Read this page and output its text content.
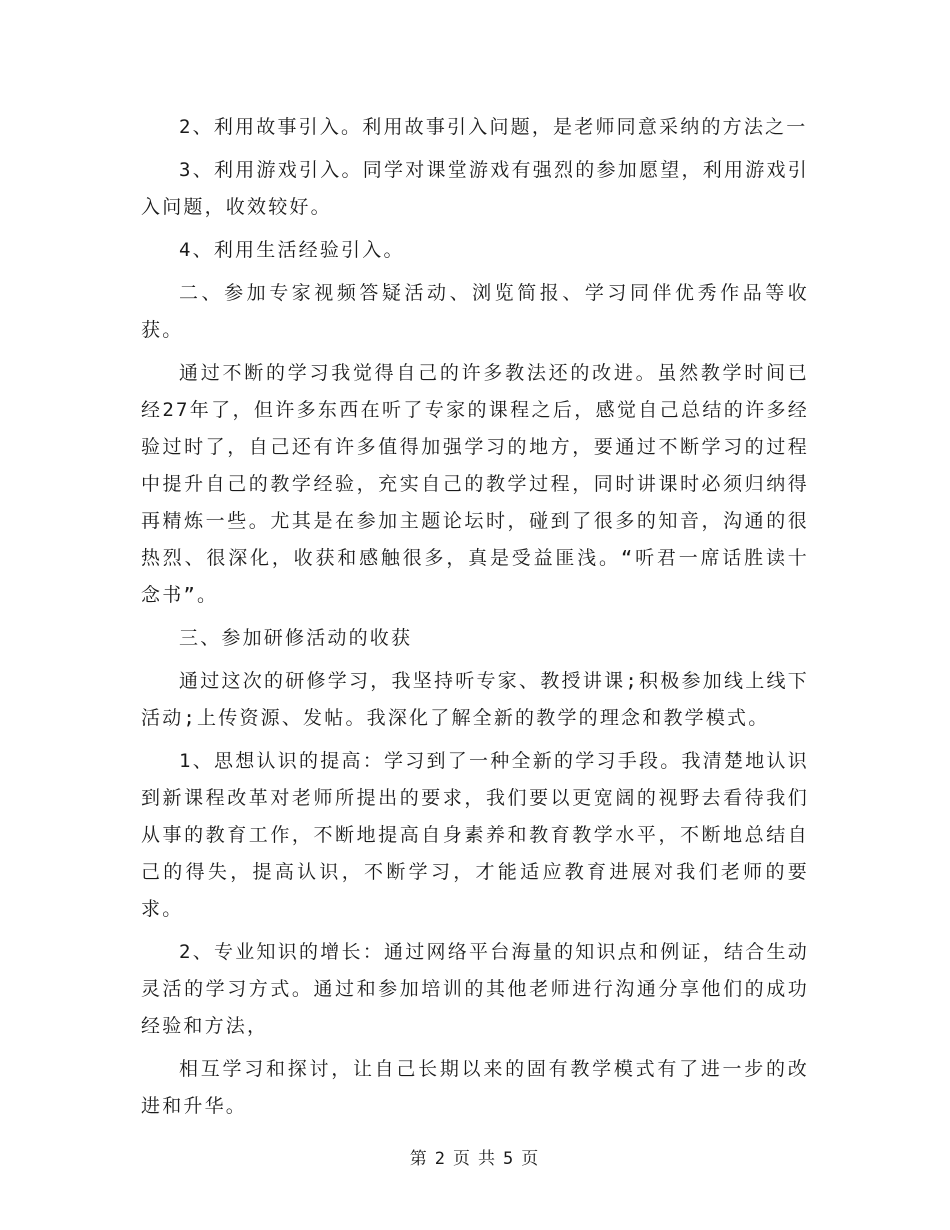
2、利用故事引入。利用故事引入问题，是老师同意采纳的方法之一

3、利用游戏引入。同学对课堂游戏有强烈的参加愿望，利用游戏引入问题，收效较好。

4、利用生活经验引入。

二、参加专家视频答疑活动、浏览简报、学习同伴优秀作品等收获。

通过不断的学习我觉得自己的许多教法还的改进。虽然教学时间已经27年了，但许多东西在听了专家的课程之后，感觉自己总结的许多经验过时了，自己还有许多值得加强学习的地方，要通过不断学习的过程中提升自己的教学经验，充实自己的教学过程，同时讲课时必须归纳得再精炼一些。尤其是在参加主题论坛时，碰到了很多的知音，沟通的很热烈、很深化，收获和感触很多，真是受益匪浅。“听君一席话胜读十念书”。

三、参加研修活动的收获

通过这次的研修学习，我坚持听专家、教授讲课;积极参加线上线下活动;上传资源、发帖。我深化了解全新的教学的理念和教学模式。

1、思想认识的提高：学习到了一种全新的学习手段。我清楚地认识到新课程改革对老师所提出的要求，我们要以更宽阔的视野去看待我们从事的教育工作，不断地提高自身素养和教育教学水平，不断地总结自己的得失，提高认识，不断学习，才能适应教育进展对我们老师的要求。

2、专业知识的增长：通过网络平台海量的知识点和例证，结合生动灵活的学习方式。通过和参加培训的其他老师进行沟通分享他们的成功经验和方法，

相互学习和探讨，让自己长期以来的固有教学模式有了进一步的改进和升华。

第 2 页 共 5 页
